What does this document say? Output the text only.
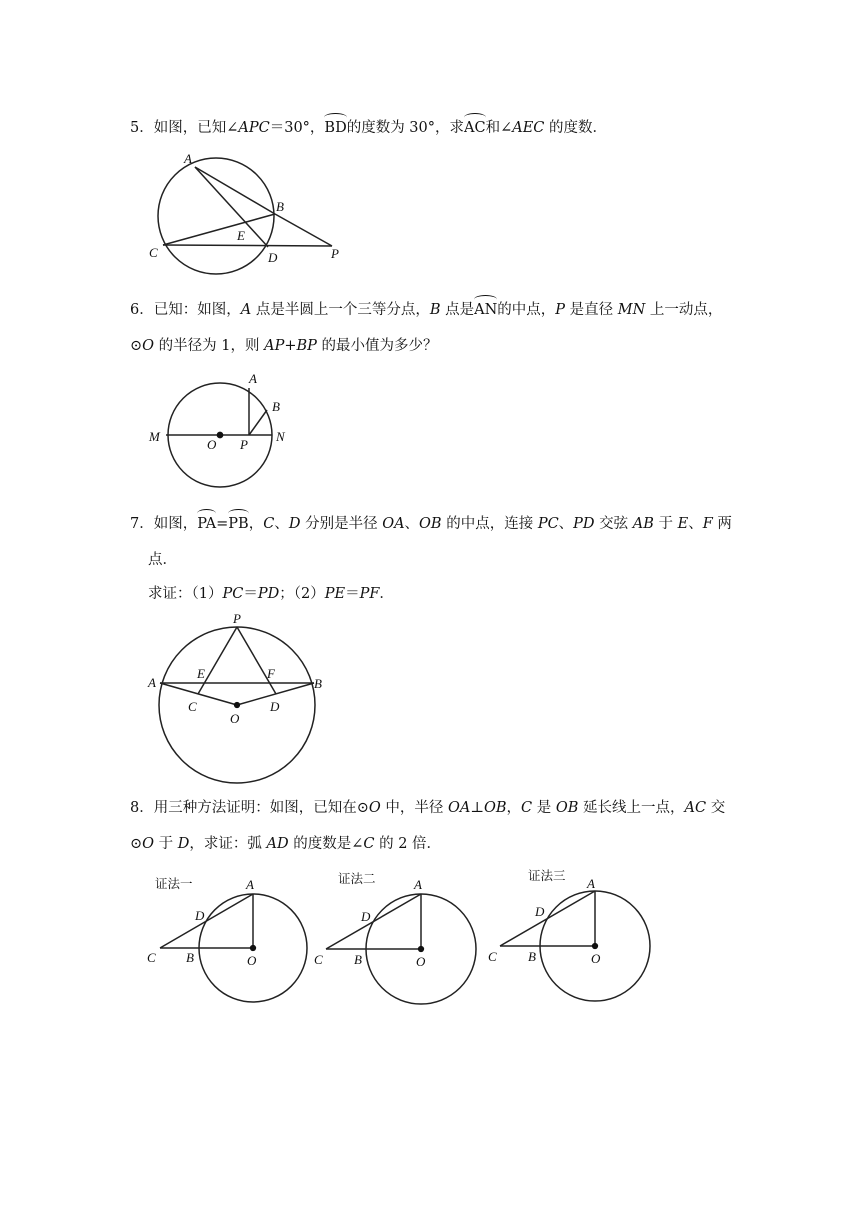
5．如图，已知∠APC＝30°，BD的度数为 30°，求AC和∠AEC 的度数．
A
B
C	D
E
P
6．已知：如图，A 点是半圆上一个三等分点，B 点是AN的中点，P 是直径 MN 上一动点，
⊙O 的半径为 1，则 AP+BP 的最小值为多少？
A
B
M
O P
N
7．如图，PA=PB，C、D 分别是半径 OA、OB 的中点，连接 PC、PD 交弦 AB 于 E、F 两
点．
求证：（1）PC＝PD；（2）PE＝PF．
P
A	B
E	F
C	D
O
8．用三种方法证明：如图，已知在⊙O 中，半径 OA⊥OB，C 是 OB 延长线上一点，AC 交
⊙O 于 D，求证：弧 AD 的度数是∠C 的 2 倍．
证法一	A
D
C B	O
证法二	A
D
C B	O
证法三
A
D
C B	O
